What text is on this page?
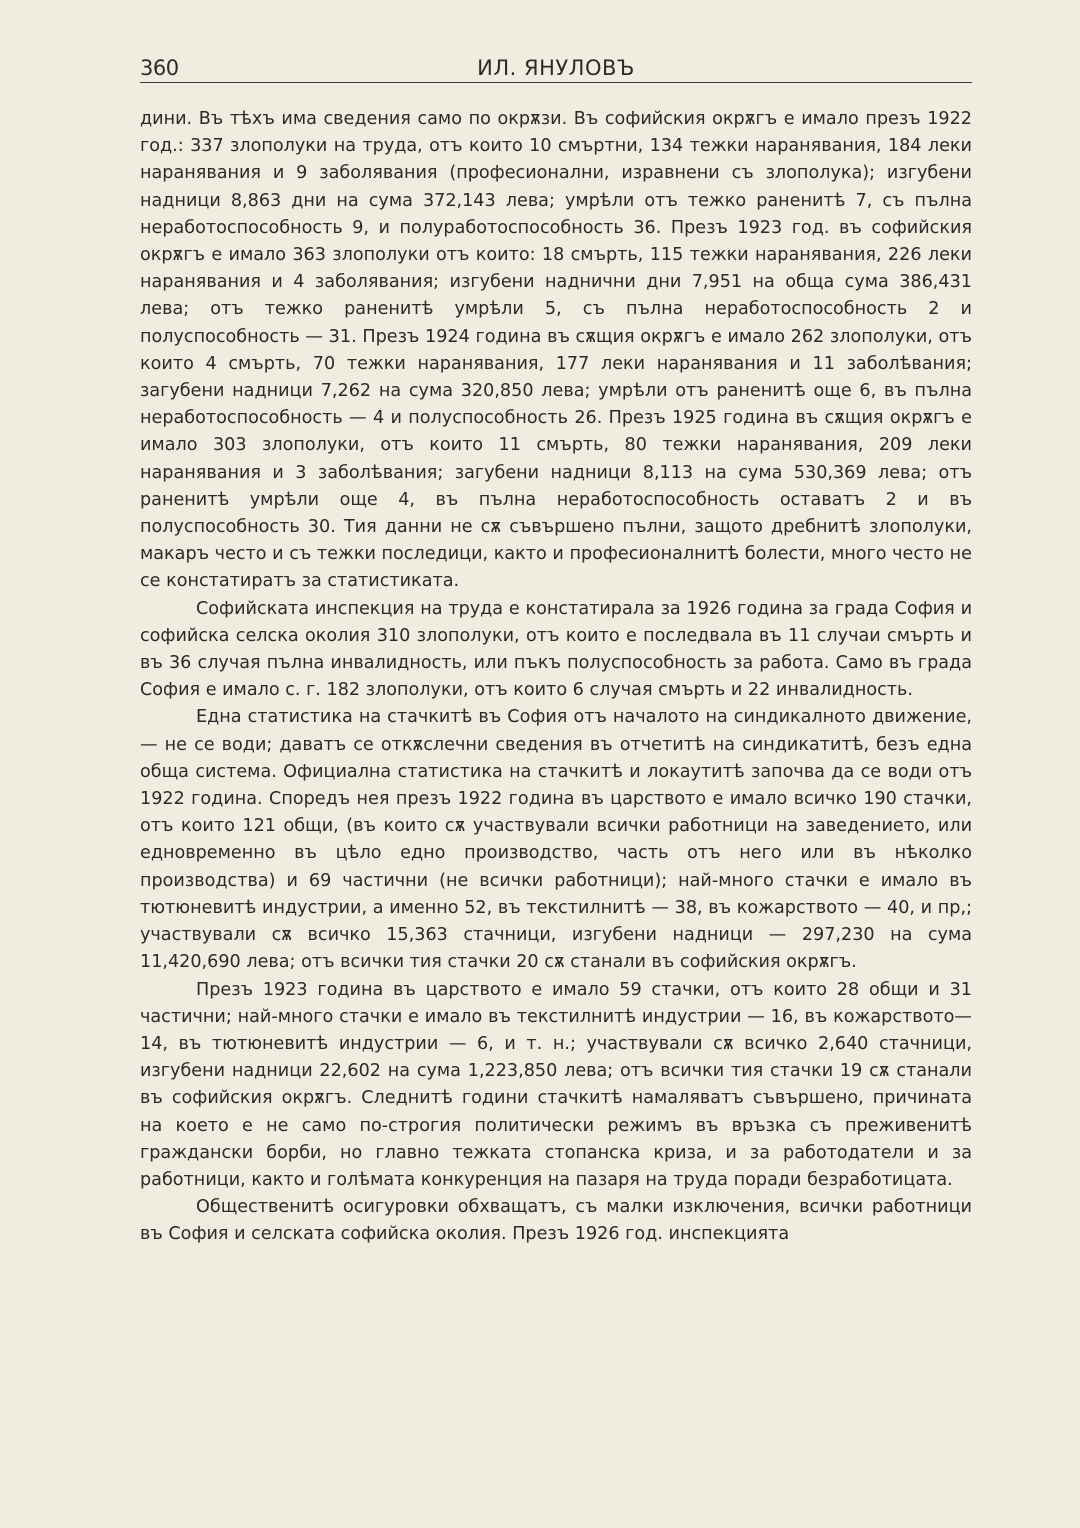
360	ИЛ. ЯНУЛОВЪ

дини. Въ тѣхъ има сведения само по окрѫзи. Въ софийския окрѫгъ е имало презъ 1922 год.: 337 злополуки на труда, отъ които 10 смъртни, 134 тежки наранявания, 184 леки наранявания и 9 заболявания (професионални, изравнени съ злополука); изгубени надници 8,863 дни на сума 372,143 лева; умрѣли отъ тежко раненитѣ 7, съ пълна неработоспособность 9, и полуработоспособность 36. Презъ 1923 год. въ софийския окрѫгъ е имало 363 злополуки отъ които: 18 смърть, 115 тежки наранявания, 226 леки наранявания и 4 заболявания; изгубени наднични дни 7,951 на обща сума 386,431 лева; отъ тежко раненитѣ умрѣли 5, съ пълна неработоспособность 2 и полуспособность — 31. Презъ 1924 година въ сѫщия окрѫгъ е имало 262 злополуки, отъ които 4 смърть, 70 тежки наранявания, 177 леки наранявания и 11 заболѣвания; загубени надници 7,262 на сума 320,850 лева; умрѣли отъ раненитѣ още 6, въ пълна неработоспособность — 4 и полуспособность 26. Презъ 1925 година въ сѫщия окрѫгъ е имало 303 злополуки, отъ които 11 смърть, 80 тежки наранявания, 209 леки наранявания и 3 заболѣвания; загубени надници 8,113 на сума 530,369 лева; отъ раненитѣ умрѣли още 4, въ пълна неработоспособность оставатъ 2 и въ полуспособность 30. Тия данни не сѫ съвършено пълни, защото дребнитѣ злополуки, макаръ често и съ тежки последици, както и професионалнитѣ болести, много често не се констатиратъ за статистиката.

Софийската инспекция на труда е констатирала за 1926 година за града София и софийска селска околия 310 злополуки, отъ които е последвала въ 11 случаи смърть и въ 36 случая пълна инвалидность, или пъкъ полуспособность за работа. Само въ града София е имало с. г. 182 злополуки, отъ които 6 случая смърть и 22 инвалидность.

Една статистика на стачкитѣ въ София отъ началото на синдикалното движение, — не се води; даватъ се откѫслечни сведения въ отчетитѣ на синдикатитѣ, безъ една обща система. Официална статистика на стачкитѣ и локаутитѣ започва да се води отъ 1922 година. Споредъ нея презъ 1922 година въ царството е имало всичко 190 стачки, отъ които 121 общи, (въ които сѫ участвували всички работници на заведението, или едновременно въ цѣло едно производство, часть отъ него или въ нѣколко производства) и 69 частични (не всички работници); най-много стачки е имало въ тютюневитѣ индустрии, а именно 52, въ текстилнитѣ — 38, въ кожарството — 40, и пр,; участвували сѫ всичко 15,363 стачници, изгубени надници — 297,230 на сума 11,420,690 лева; отъ всички тия стачки 20 сѫ станали въ софийския окрѫгъ.

Презъ 1923 година въ царството е имало 59 стачки, отъ които 28 общи и 31 частични; най-много стачки е имало въ текстилнитѣ индустрии — 16, въ кожарството—14, въ тютюневитѣ индустрии — 6, и т. н.; участвували сѫ всичко 2,640 стачници, изгубени надници 22,602 на сума 1,223,850 лева; отъ всички тия стачки 19 сѫ станали въ софийския окрѫгъ. Следнитѣ години стачкитѣ намаляватъ съвършено, причината на което е не само по-строгия политически режимъ въ връзка съ преживенитѣ граждански борби, но главно тежката стопанска криза, и за работодатели и за работници, както и голѣмата конкуренция на пазаря на труда поради безработицата.

Общественитѣ осигуровки обхващатъ, съ малки изключения, всички работници въ София и селската софийска околия. Презъ 1926 год. инспекцията
